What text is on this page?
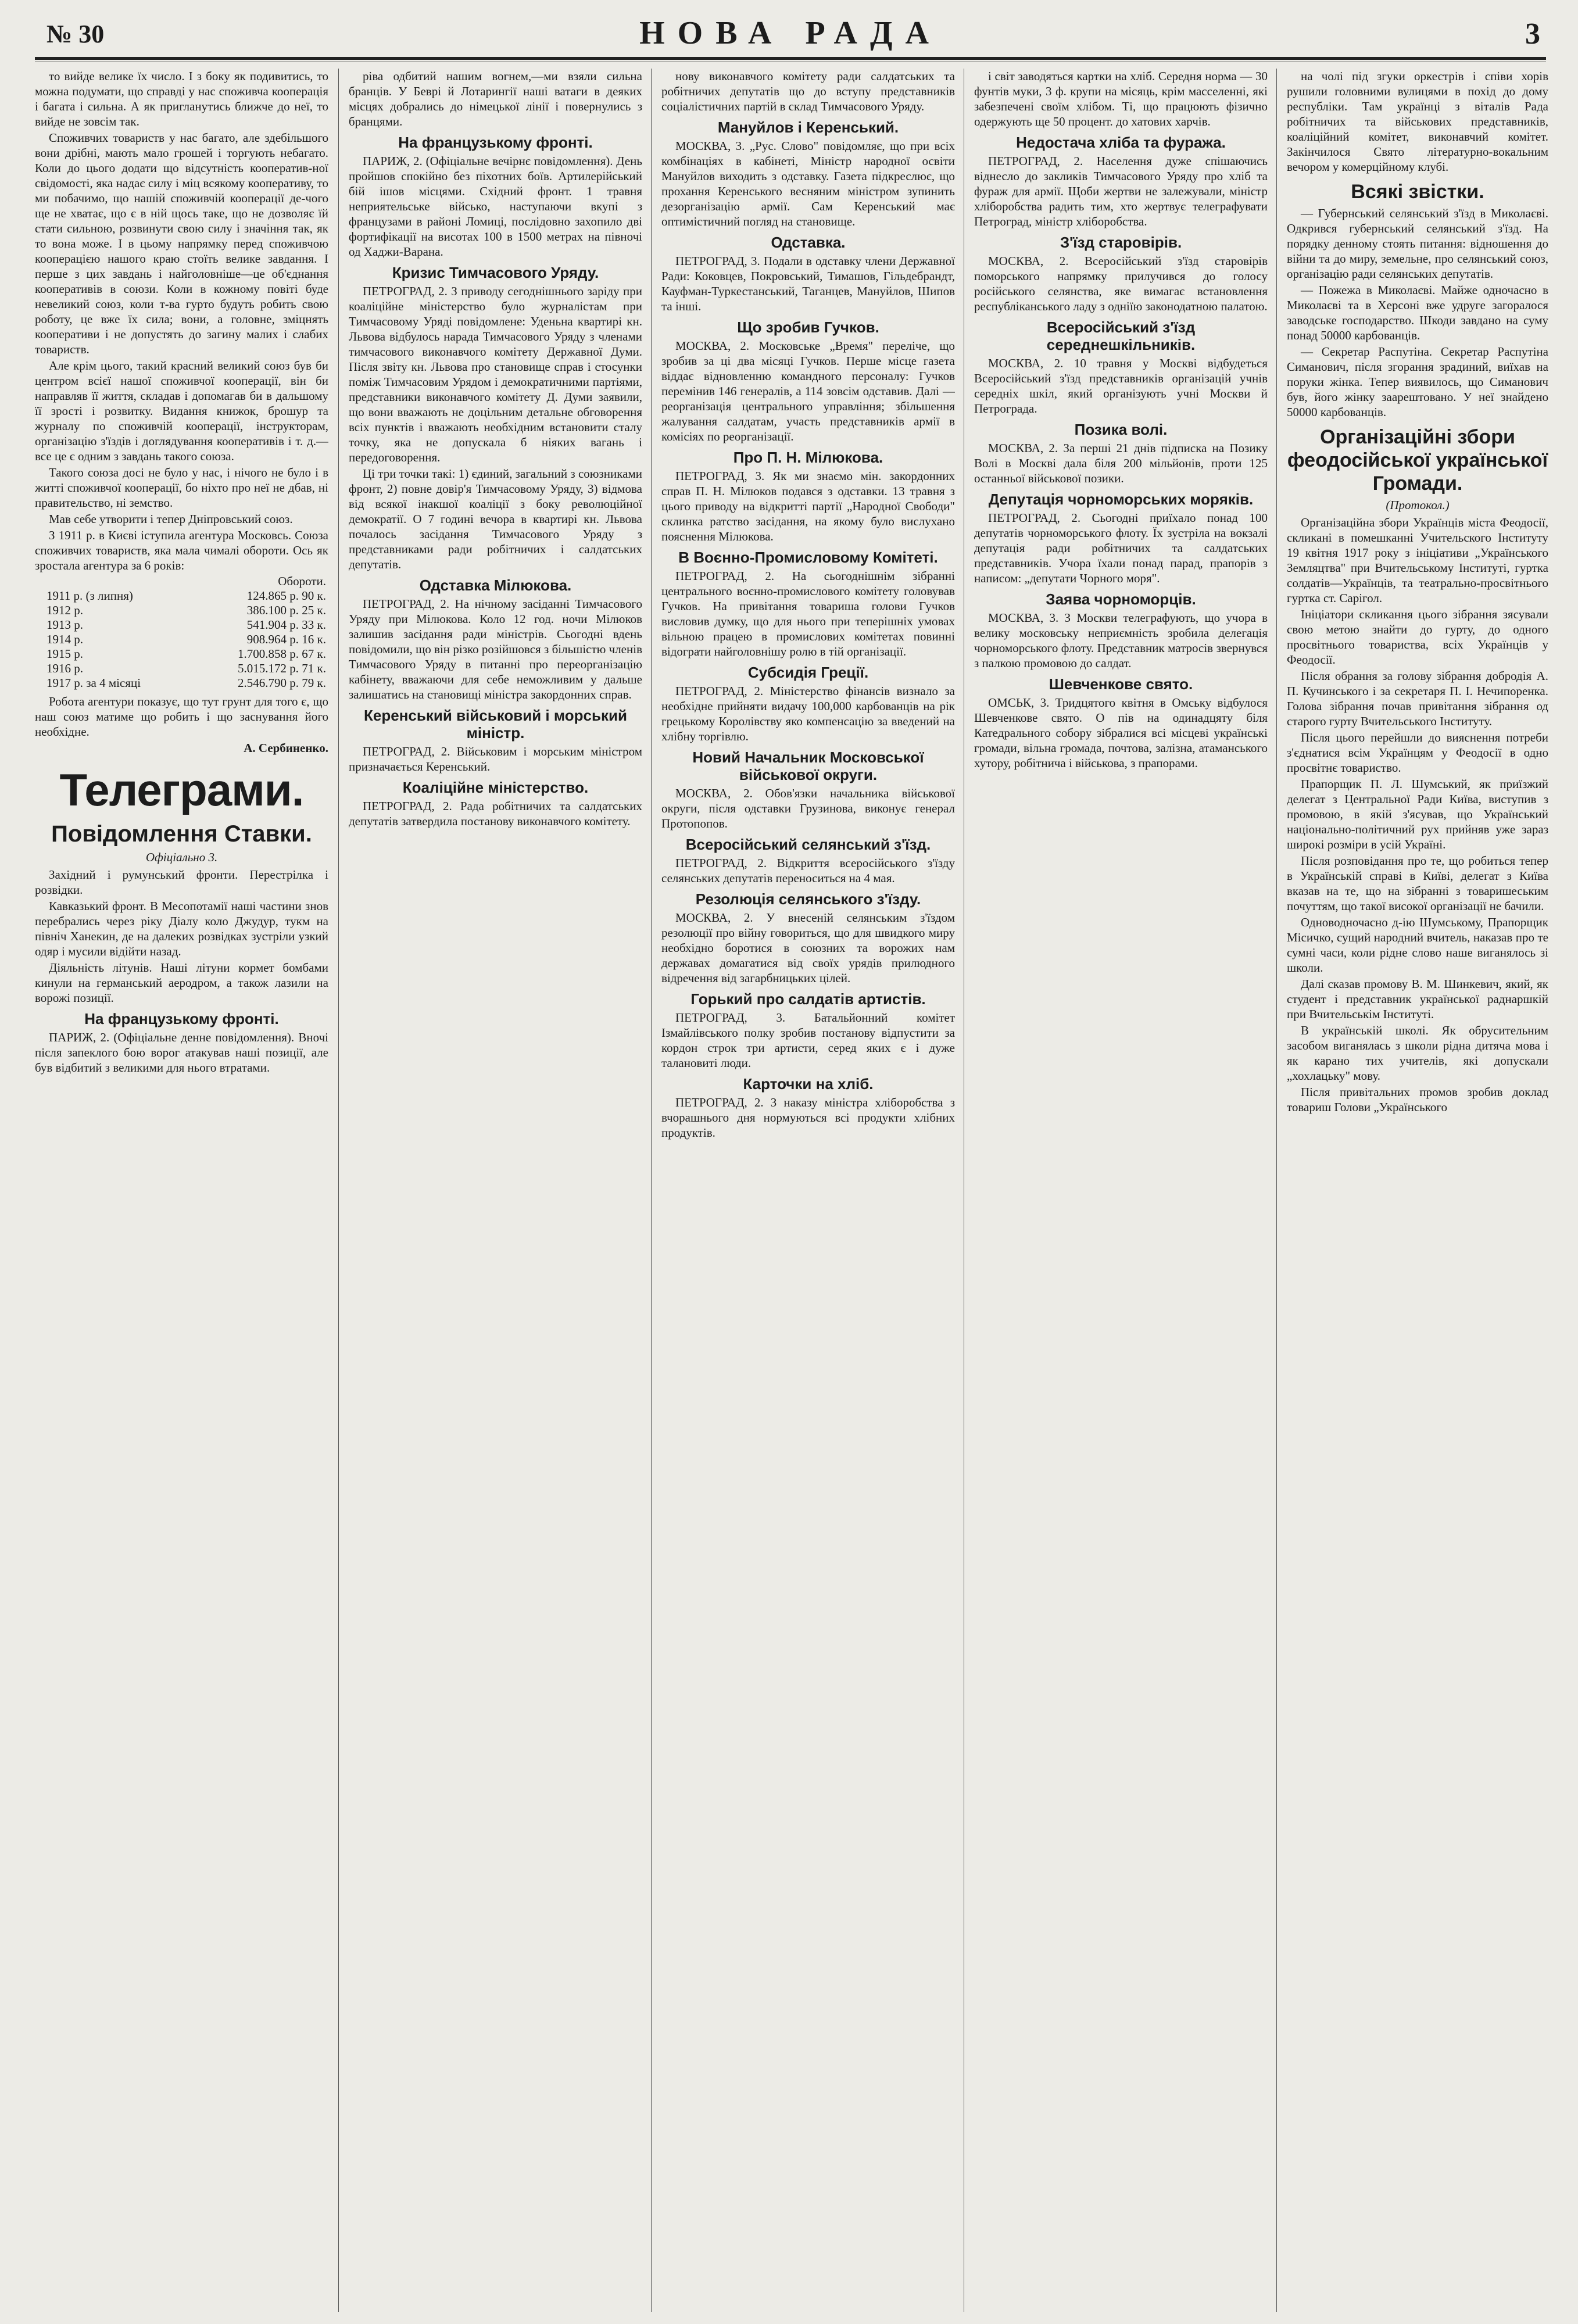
№ 30	НОВА РАДА	3

то вийде велике їх число. І з боку як подивитись, то можна подумати, що справді у нас споживча кооперація і багата і сильна. А як пригланутись ближче до неї, то вийде не зовсім так.

Споживчих товариств у нас багато, але здебільшого вони дрібні, мають мало грошей і торгують небагато. Коли до цього додати що відсутність кооператив-ної свідомості, яка надає силу і міц всякому кооперативу, то ми побачимо, що нашій споживчій кооперації де-чого ще не хватає, що є в ній щось таке, що не дозволяє їй стати сильною, розвинути свою силу і значіння так, як то вона може. І в цьому напрямку перед споживчою кооперацією нашого краю стоїть велике завдання. І перше з цих завдань і найголовніше—це об'єднання кооперативів в союзи. Коли в кожному повіті буде невеликий союз, коли т-ва гурто будуть робить свою роботу, це вже їх сила; вони, а головне, зміцнять кооперативи і не допустять до загину малих і слабих товариств.

Але крім цього, такий красний великий союз був би центром всієї нашої споживчої кооперації, він би направляв її життя, складав і допомагав би в дальшому її зрості і розвитку. Видання книжок, брошур та журналу по споживчій кооперації, інструкторам, організацію з'їздів і доглядування кооперативів і т. д.—все це є одним з завдань такого союза.

Такого союза досі не було у нас, і нічого не було і в житті споживчої кооперації, бо ніхто про неї не дбав, ні правительство, ні земство.

Мав себе утворити і тепер Дніпровський союз.

З 1911 р. в Києві іступила агентура Московсь. Союза споживчих товариств, яка мала чималі обороти. Ось як зростала агентура за 6 років:

	Обороти.
1911 р. (з липня)	124.865 р. 90 к.
1912 р.	386.100 р. 25 к.
1913 р.	541.904 р. 33 к.
1914 р.	908.964 р. 16 к.
1915 р.	1.700.858 р. 67 к.
1916 р.	5.015.172 р. 71 к.
1917 р. за 4 місяці	2.546.790 р. 79 к.

Робота агентури показує, що тут грунт для того є, що наш союз матиме що робить і що заснування його необхідне.

А. Сербиненко.
Телеграми.
Повідомлення Ставки.
Офіціально 3.

Західний і румунський фронти. Перестрілка і розвідки.

Кавказький фронт. В Месопотамії наші частини знов перебрались через ріку Діалу коло Джудур, тукм на північ Ханекин, де на далеких розвідках зустріли узкий одяр і мусили відійти назад.

Діяльність літунів. Наші літуни кормет бомбами кинули на германський аеродром, а також лазили на ворожі позиції.

На французькому фронті.

ПАРИЖ, 2. (Офіціальне денне повідомлення). Вночі після запеклого бою ворог атакував наші позиції, але був відбитий з великими для нього втратами.

ріва одбитий нашим вогнем,—ми взяли сильна бранців. У Беврі й Лотарингії наші ватаги в деяких місцях добрались до німецької лінії і повернулись з бранцями.

На французькому фронті.

ПАРИЖ, 2. (Офіціальне вечірнє повідомлення). День пройшов спокійно без піхотних боїв. Артилерійський бій ішов місцями. Східний фронт. 1 травня неприятельське військо, наступаючи вкупі з французами в районі Ломиці, послідовно захопило дві фортифікації на висотах 100 в 1500 метрах на півночі од Хаджи-Варана.

Кризис Тимчасового Уряду.

ПЕТРОГРАД, 2. З приводу сегоднішнього заріду при коаліційне міністерство було журналістам при Тимчасовому Уряді повідомлене: Уденьна квартирі кн. Львова відбулось нарада Тимчасового Уряду з членами тимчасового виконавчого комітету Державної Думи. Після звіту кн. Львова про становище справ і стосунки поміж Тимчасовим Урядом і демократичними партіями, представники виконавчого комітету Д. Думи заявили, що вони вважають не доцільним детальне обговорення всіх пунктів і вважають необхідним встановити сталу точку, яка не допускала б ніяких вагань і передоговорення.

Ці три точки такі: 1) єдиний, загальний з союзниками фронт, 2) повне довір'я Тимчасовому Уряду, 3) відмова від всякої інакшої коаліції з боку революційної демократії. О 7 годині вечора в квартирі кн. Львова почалось засідання Тимчасового Уряду з представниками ради робітничих і салдатських депутатів.

Одставка Мілюкова.

ПЕТРОГРАД, 2. На нічному засіданні Тимчасового Уряду при Мілюкова. Коло 12 год. ночи Мілюков залишив засідання ради міністрів. Сьогодні вдень повідомили, що він різко розійшовся з більшістю членів Тимчасового Уряду в питанні про переорганізацію кабінету, вважаючи для себе неможливим у дальше залишатись на становищі міністра закордонних справ.

Керенський військовий і морський міністр.

ПЕТРОГРАД, 2. Військовим і морським міністром призначається Керенський.

Коаліційне міністерство.

ПЕТРОГРАД, 2. Рада робітничих та салдатських депутатів затвердила постанову виконавчого комітету.

нову виконавчого комітету ради салдатських та робітничих депутатів що до вступу представників соціалістичних партій в склад Тимчасового Уряду.

Мануйлов і Керенський.

МОСКВА, 3. „Рус. Слово" повідомляє, що при всіх комбінаціях в кабінеті, Міністр народної освіти Мануйлов виходить з одставку. Газета підкреслює, що прохання Керенського весняним міністром зупинить дезорганізацію армії. Сам Керенський має оптимістичний погляд на становище.

Одставка.

ПЕТРОГРАД, 3. Подали в одставку члени Державної Ради: Коковцев, Покровський, Тимашов, Гільдебрандт, Кауфман-Туркестанський, Таганцев, Мануйлов, Шипов та інші.

Що зробив Гучков.

МОСКВА, 2. Московське „Время" переліче, що зробив за ці два місяці Гучков. Перше місце газета віддає відновленню командного персоналу: Гучков перемінив 146 генералів, а 114 зовсім одставив. Далі — реорганізація центрального управління; збільшення жалування салдатам, участь представників армії в комісіях по реорганізації.

Про П. Н. Мілюкова.

ПЕТРОГРАД, 3. Як ми знаємо мін. закордонних справ П. Н. Мілюков подався з одставки. 13 травня з цього приводу на відкритті партії „Народної Свободи" склинка ратство засідання, на якому було вислухано пояснення Мілюкова.

В Воєнно-Промисловому Комітеті.

ПЕТРОГРАД, 2. На сьогоднішнім зібранні центрального воєнно-промислового комітету головував Гучков. На привітання товариша голови Гучков висловив думку, що для нього при теперішніх умовах вільною працею в промислових комітетах повинні відограти найголовнішу ролю в тій організації.

Субсидія Греції.

ПЕТРОГРАД, 2. Міністерство фінансів визнало за необхідне прийняти видачу 100,000 карбованців на рік грецькому Королівству яко компенсацію за введений на хлібну торгівлю.

Новий Начальник Московської військової округи.

МОСКВА, 2. Обов'язки начальника військової округи, після одставки Грузинова, виконує генерал Протопопов.

Всеросійський селянський з'їзд.

ПЕТРОГРАД, 2. Відкриття всеросійського з'їзду селянських депутатів переноситься на 4 мая.

Резолюція селянського з'їзду.

МОСКВА, 2. У внесеній селянським з'їздом резолюції про війну говориться, що для швидкого миру необхідно боротися в союзних та ворожих нам державах домагатися від своїх урядів прилюдного відречення від загарбницьких цілей.

Горький про салдатів артистів.

ПЕТРОГРАД, 3. Батальйонний комітет Ізмайлівського полку зробив постанову відпустити за кордон строк три артисти, серед яких є і дуже талановиті люди.

Карточки на хліб.

ПЕТРОГРАД, 2. З наказу міністра хліборобства з вчорашнього дня нормуються всі продукти хлібних продуктів.

і світ заводяться картки на хліб. Середня норма — 30 фунтів муки, 3 ф. крупи на місяць, крім масселенні, які забезпечені своїм хлібом. Ті, що працюють фізично одержують ще 50 процент. до хатових харчів.

Недостача хліба та фуража.

ПЕТРОГРАД, 2. Населення дуже спішаючись віднесло до закликів Тимчасового Уряду про хліб та фураж для армії. Щоби жертви не залежували, міністр хліборобства радить тим, хто жертвує телеграфувати Петроград, міністр хліборобства.

З'їзд старовірів.

МОСКВА, 2. Всеросійський з'їзд старовірів поморського напрямку прилучився до голосу російського селянства, яке вимагає встановлення республіканського ладу з одніїю законодатною палатою.

Всеросійський з'їзд середнешкільників.

МОСКВА, 2. 10 травня у Москві відбудеться Всеросійський з'їзд представників організацій учнів середніх шкіл, який організують учні Москви й Петрограда.

Позика волі.

МОСКВА, 2. За перші 21 днів підписка на Позику Волі в Москві дала біля 200 мільйонів, проти 125 останньої військової позики.

Депутація чорноморських моряків.

ПЕТРОГРАД, 2. Сьогодні приїхало понад 100 депутатів чорноморського флоту. Їх зустріла на вокзалі депутація ради робітничих та салдатських представників. Учора їхали понад парад, прапорів з написом: „депутати Чорного моря".

Заява чорноморців.

МОСКВА, 3. З Москви телеграфують, що учора в велику московську неприємність зробила делегація чорноморського флоту. Представник матросів звернувся з палкою промовою до салдат.

Шевченкове свято.

ОМСЬК, 3. Тридцятого квітня в Омську відбулося Шевченкове свято. О пів на одинадцяту біля Катедрального собору зібралися всі місцеві українські громади, вільна громада, почтова, залізна, атаманського хутору, робітнича і військова, з прапорами.

на чолі під згуки оркестрів і співи хорів рушили головними вулицями в похід до дому республіки. Там українці з віталів Рада робітничих та військових представників, коаліційний комітет, виконавчий комітет. Закінчилося Свято літературно-вокальним вечором у комерційному клубі.

Всякі звістки.

— Губернський селянський з'їзд в Миколаєві. Одкрився губернський селянський з'їзд. На порядку денному стоять питання: відношення до війни та до миру, земельне, про селянський союз, організацію ради селянських депутатів.

— Пожежа в Миколаєві. Майже одночасно в Миколаєві та в Херсоні вже удруге загоралося заводське господарство. Шкоди завдано на суму понад 50000 карбованців.

— Секретар Распутіна. Секретар Распутіна Симанович, після згорання зрадиний, виїхав на поруки жінка. Тепер виявилось, що Симанович був, його жінку заарештовано. У неї знайдено 50000 карбованців.

Організаційні збори феодосійської української Громади.
(Протокол.)

Організаційна збори Українців міста Феодосії, скликані в помешканні Учительского Інституту 19 квітня 1917 року з ініціативи „Українського Земляцтва" при Вчительському Інституті, гуртка солдатів—Українців, та театрально-просвітнього гуртка ст. Сарігол.

Ініціатори скликання цього зібрання зясували свою метою знайти до гурту, до одного просвітнього товариства, всіх Українців у Феодосії.

Після обрання за голову зібрання добродія А. П. Кучинського і за секретаря П. І. Нечипоренка. Голова зібрання почав привітання зібрання од старого гурту Вчительського Інституту.

Після цього перейшли до вияснення потреби з'єднатися всім Українцям у Феодосії в одно просвітнє товариство.

Прапорщик П. Л. Шумський, як приїзжий делегат з Центральної Ради Київа, виступив з промовою, в якій з'ясував, що Український національно-політичний рух прийняв уже зараз широкі розміри в усій Україні.

Після розповідання про те, що робиться тепер в Українській справі в Київі, делегат з Київа вказав на те, що на зібранні з товаришеським почуттям, що такої високої організації не бачили.

Одноводночасно д-ію Шумському, Прапорщик Місичко, сущий народний вчитель, наказав про те сумні часи, коли рідне слово наше виганялось зі школи.

Далі сказав промову В. М. Шинкевич, який, як студент і представник української раднаршкій при Вчительськім Інституті.

В українській школі. Як обрусительним засобом виганялась з школи рідна дитяча мова і як карано тих учителів, які допускали „хохлацьку" мову.

Після привітальних промов зробив доклад товариш Голови „Українського
